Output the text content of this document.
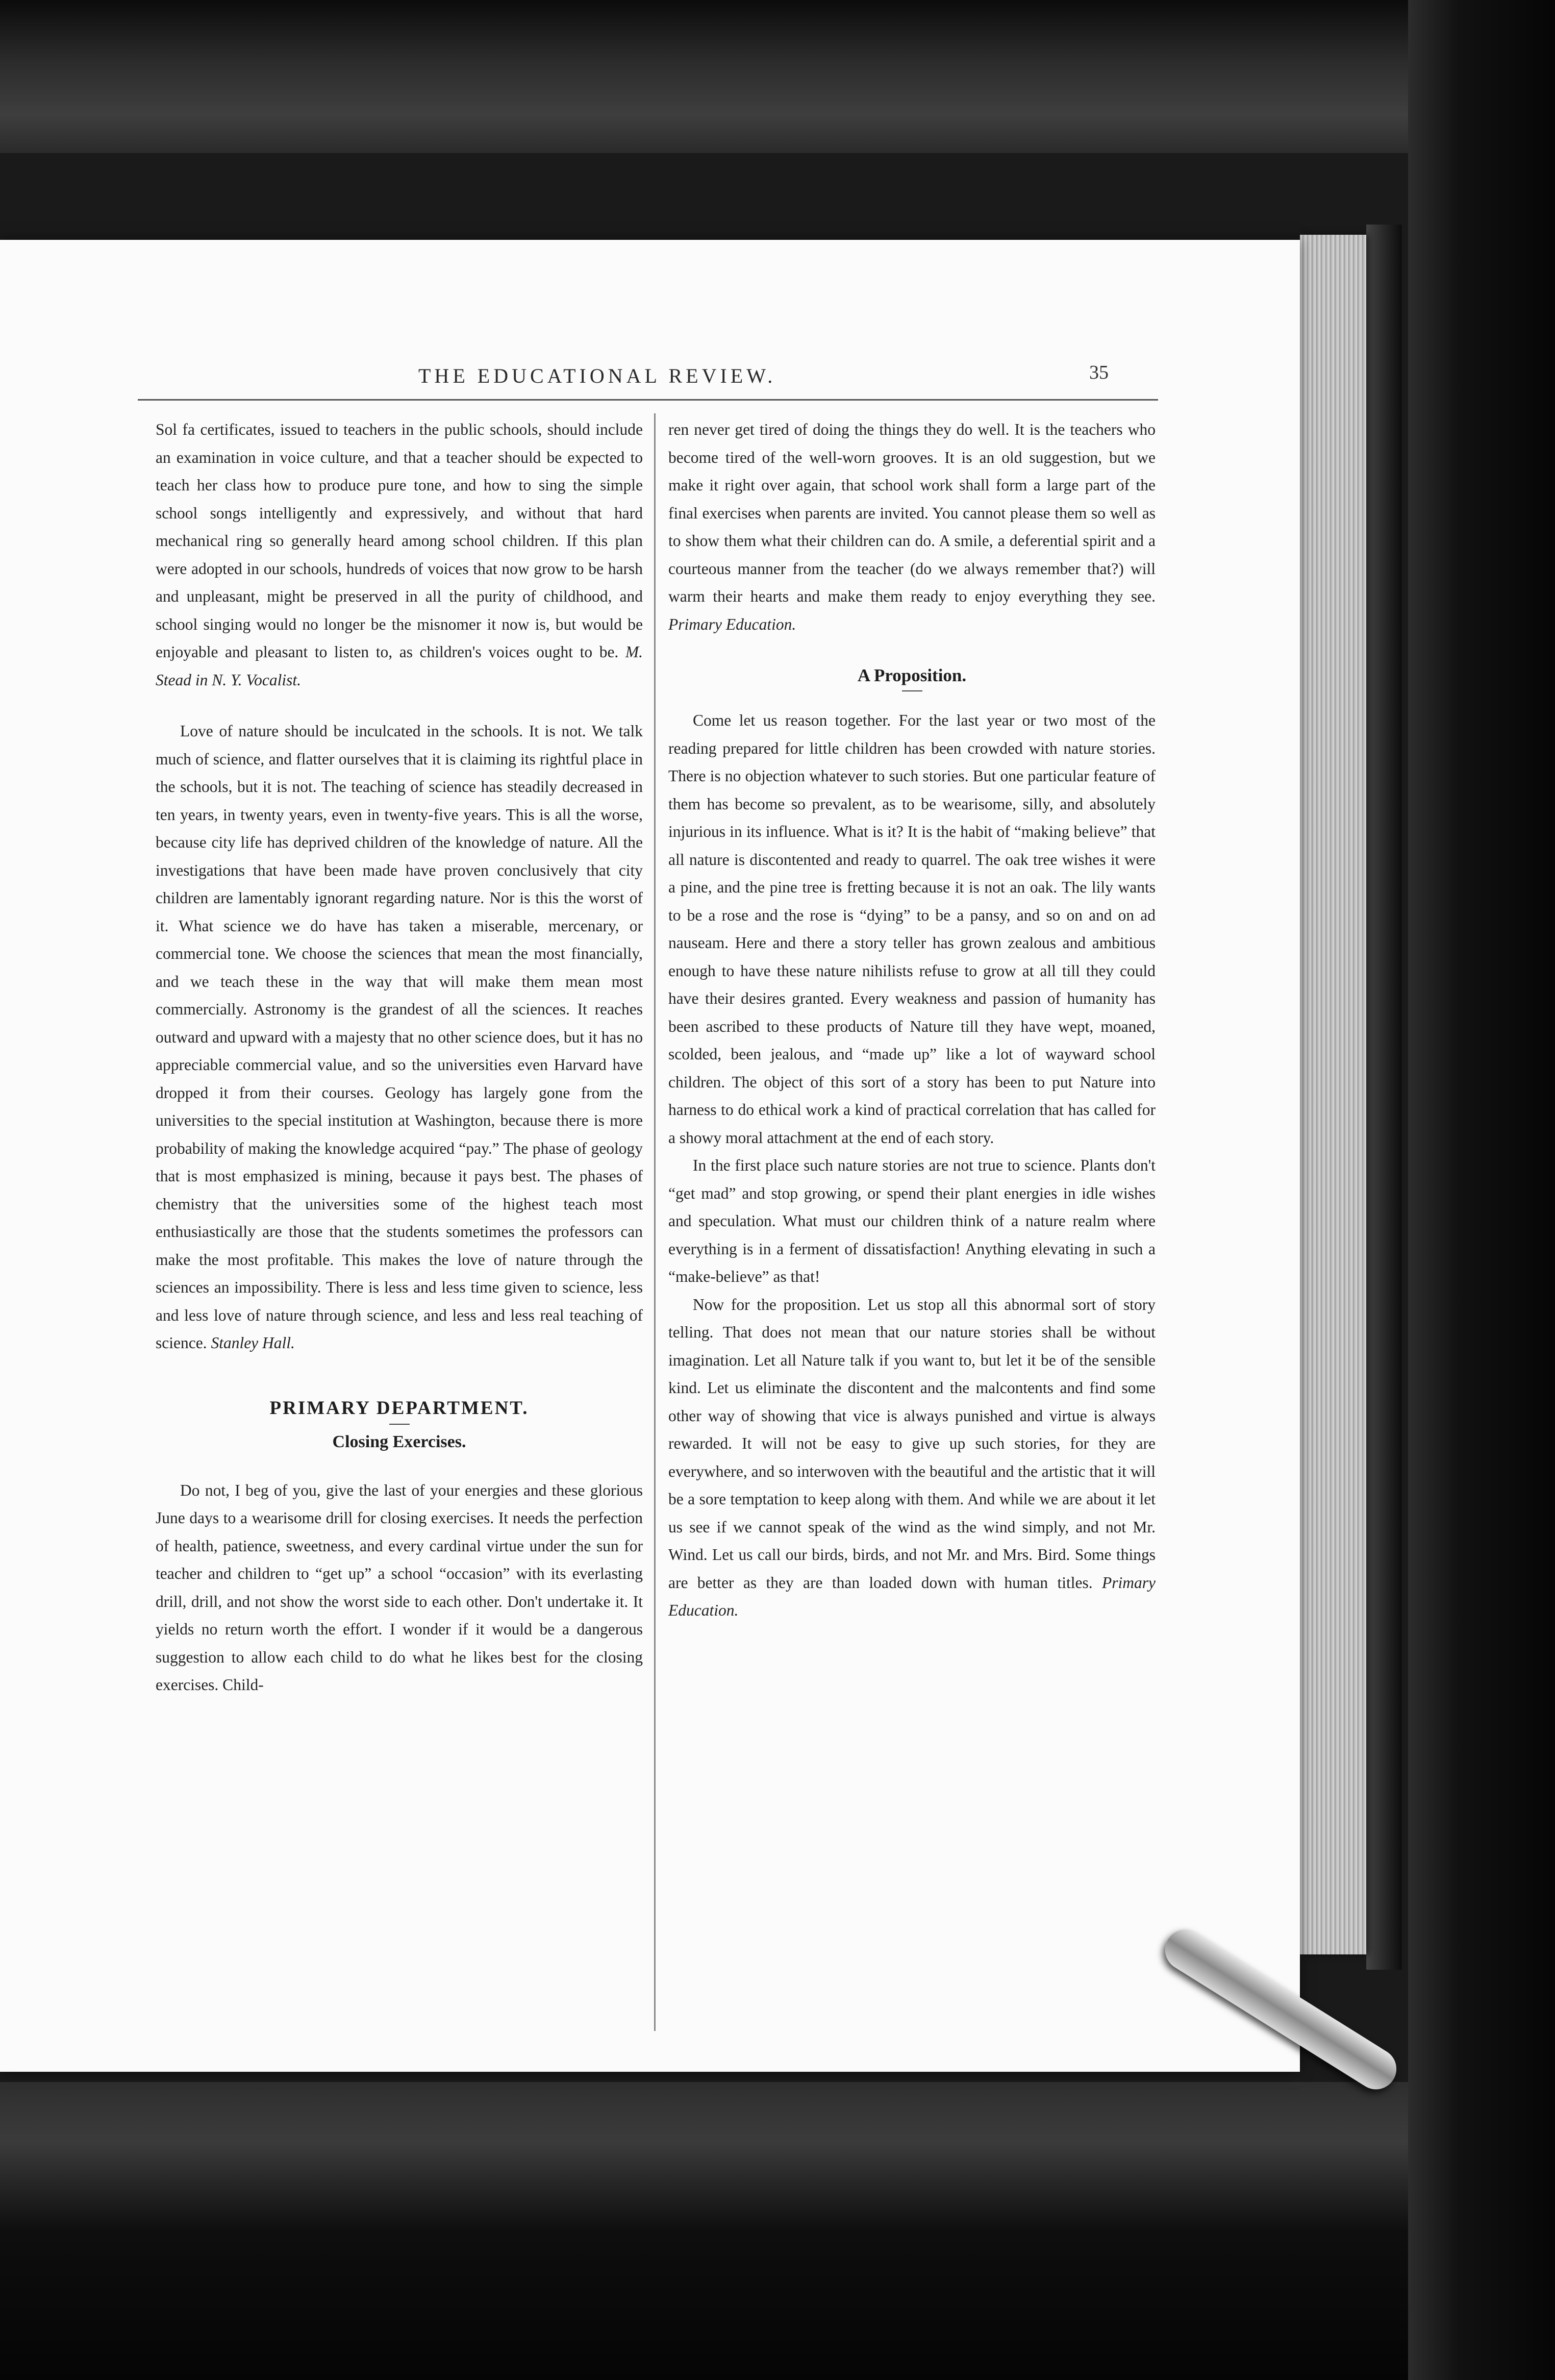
THE EDUCATIONAL REVIEW.	35

Sol fa certificates, issued to teachers in the public schools, should include an examination in voice culture, and that a teacher should be expected to teach her class how to produce pure tone, and how to sing the simple school songs intelligently and expressively, and without that hard mechanical ring so generally heard among school children. If this plan were adopted in our schools, hundreds of voices that now grow to be harsh and unpleasant, might be preserved in all the purity of childhood, and school singing would no longer be the misnomer it now is, but would be enjoyable and pleasant to listen to, as children's voices ought to be. M. Stead in N. Y. Vocalist.

Love of nature should be inculcated in the schools. It is not. We talk much of science, and flatter ourselves that it is claiming its rightful place in the schools, but it is not. The teaching of science has steadily decreased in ten years, in twenty years, even in twenty-five years. This is all the worse, because city life has deprived children of the knowledge of nature. All the investigations that have been made have proven conclusively that city children are lamentably ignorant regarding nature. Nor is this the worst of it. What science we do have has taken a miserable, mercenary, or commercial tone. We choose the sciences that mean the most financially, and we teach these in the way that will make them mean most commercially. Astronomy is the grandest of all the sciences. It reaches outward and upward with a majesty that no other science does, but it has no appreciable commercial value, and so the universities even Harvard have dropped it from their courses. Geology has largely gone from the universities to the special institution at Washington, because there is more probability of making the knowledge acquired “pay.” The phase of geology that is most emphasized is mining, because it pays best. The phases of chemistry that the universities some of the highest teach most enthusiastically are those that the students sometimes the professors can make the most profitable. This makes the love of nature through the sciences an impossibility. There is less and less time given to science, less and less love of nature through science, and less and less real teaching of science. Stanley Hall.

PRIMARY DEPARTMENT.
Closing Exercises.

Do not, I beg of you, give the last of your energies and these glorious June days to a wearisome drill for closing exercises. It needs the perfection of health, patience, sweetness, and every cardinal virtue under the sun for teacher and children to “get up” a school “occasion” with its everlasting drill, drill, and not show the worst side to each other. Don't undertake it. It yields no return worth the effort. I wonder if it would be a dangerous suggestion to allow each child to do what he likes best for the closing exercises. Child-

ren never get tired of doing the things they do well. It is the teachers who become tired of the well-worn grooves. It is an old suggestion, but we make it right over again, that school work shall form a large part of the final exercises when parents are invited. You cannot please them so well as to show them what their children can do. A smile, a deferential spirit and a courteous manner from the teacher (do we always remember that?) will warm their hearts and make them ready to enjoy everything they see. Primary Education.

A Proposition.

Come let us reason together. For the last year or two most of the reading prepared for little children has been crowded with nature stories. There is no objection whatever to such stories. But one particular feature of them has become so prevalent, as to be wearisome, silly, and absolutely injurious in its influence. What is it? It is the habit of “making believe” that all nature is discontented and ready to quarrel. The oak tree wishes it were a pine, and the pine tree is fretting because it is not an oak. The lily wants to be a rose and the rose is “dying” to be a pansy, and so on and on ad nauseam. Here and there a story teller has grown zealous and ambitious enough to have these nature nihilists refuse to grow at all till they could have their desires granted. Every weakness and passion of humanity has been ascribed to these products of Nature till they have wept, moaned, scolded, been jealous, and “made up” like a lot of wayward school children. The object of this sort of a story has been to put Nature into harness to do ethical work a kind of practical correlation that has called for a showy moral attachment at the end of each story.

In the first place such nature stories are not true to science. Plants don't “get mad” and stop growing, or spend their plant energies in idle wishes and speculation. What must our children think of a nature realm where everything is in a ferment of dissatisfaction! Anything elevating in such a “make-believe” as that!

Now for the proposition. Let us stop all this abnormal sort of story telling. That does not mean that our nature stories shall be without imagination. Let all Nature talk if you want to, but let it be of the sensible kind. Let us eliminate the discontent and the malcontents and find some other way of showing that vice is always punished and virtue is always rewarded. It will not be easy to give up such stories, for they are everywhere, and so interwoven with the beautiful and the artistic that it will be a sore temptation to keep along with them. And while we are about it let us see if we cannot speak of the wind as the wind simply, and not Mr. Wind. Let us call our birds, birds, and not Mr. and Mrs. Bird. Some things are better as they are than loaded down with human titles. Primary Education.
